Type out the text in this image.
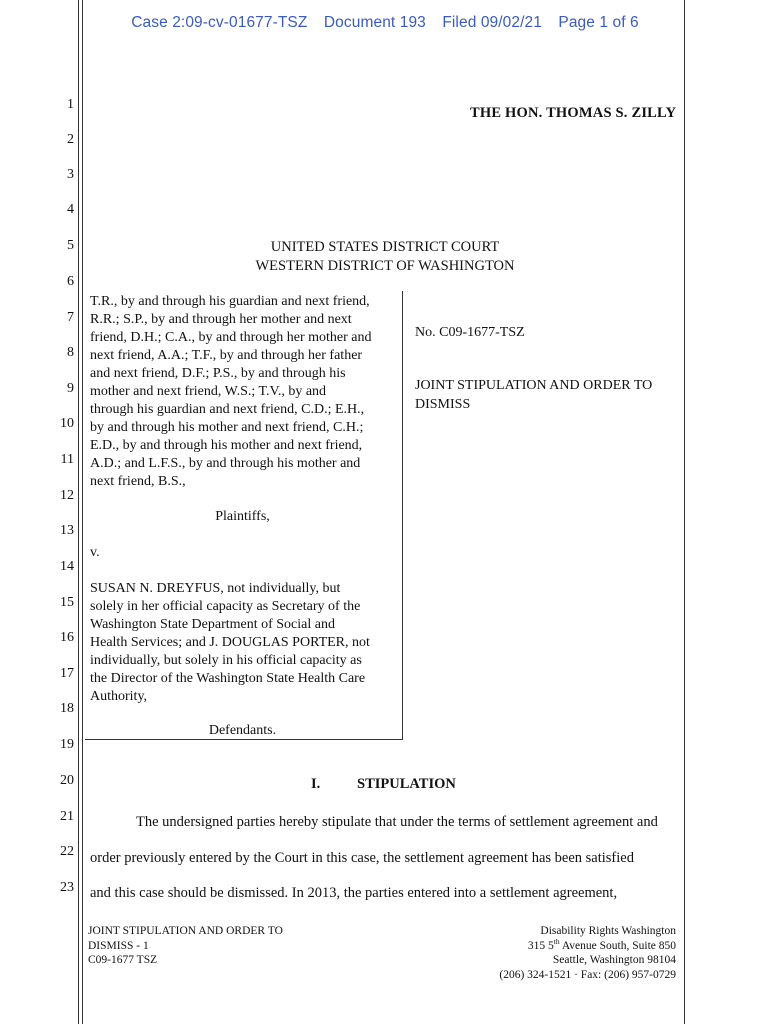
Case 2:09-cv-01677-TSZ Document 193 Filed 09/02/21 Page 1 of 6
1
2
3
4
5
6
7
8
9
10
11
12
13
14
15
16
17
18
19
20
21
22
23
THE HON. THOMAS S. ZILLY
UNITED STATES DISTRICT COURT
WESTERN DISTRICT OF WASHINGTON
T.R., by and through his guardian and next friend,
R.R.; S.P., by and through her mother and next
friend, D.H.; C.A., by and through her mother and
next friend, A.A.; T.F., by and through her father
and next friend, D.F.; P.S., by and through his
mother and next friend, W.S.; T.V., by and
through his guardian and next friend, C.D.; E.H.,
by and through his mother and next friend, C.H.;
E.D., by and through his mother and next friend,
A.D.; and L.F.S., by and through his mother and
next friend, B.S.,
Plaintiffs,
v.
SUSAN N. DREYFUS, not individually, but
solely in her official capacity as Secretary of the
Washington State Department of Social and
Health Services; and J. DOUGLAS PORTER, not
individually, but solely in his official capacity as
the Director of the Washington State Health Care
Authority,
Defendants.
No. C09-1677-TSZ
JOINT STIPULATION AND ORDER TO
DISMISS
I.	STIPULATION
The undersigned parties hereby stipulate that under the terms of settlement agreement and
order previously entered by the Court in this case, the settlement agreement has been satisfied
and this case should be dismissed. In 2013, the parties entered into a settlement agreement,
JOINT STIPULATION AND ORDER TO
DISMISS - 1
C09-1677 TSZ
Disability Rights Washington
315 5th Avenue South, Suite 850
Seattle, Washington 98104
(206) 324-1521 · Fax: (206) 957-0729
